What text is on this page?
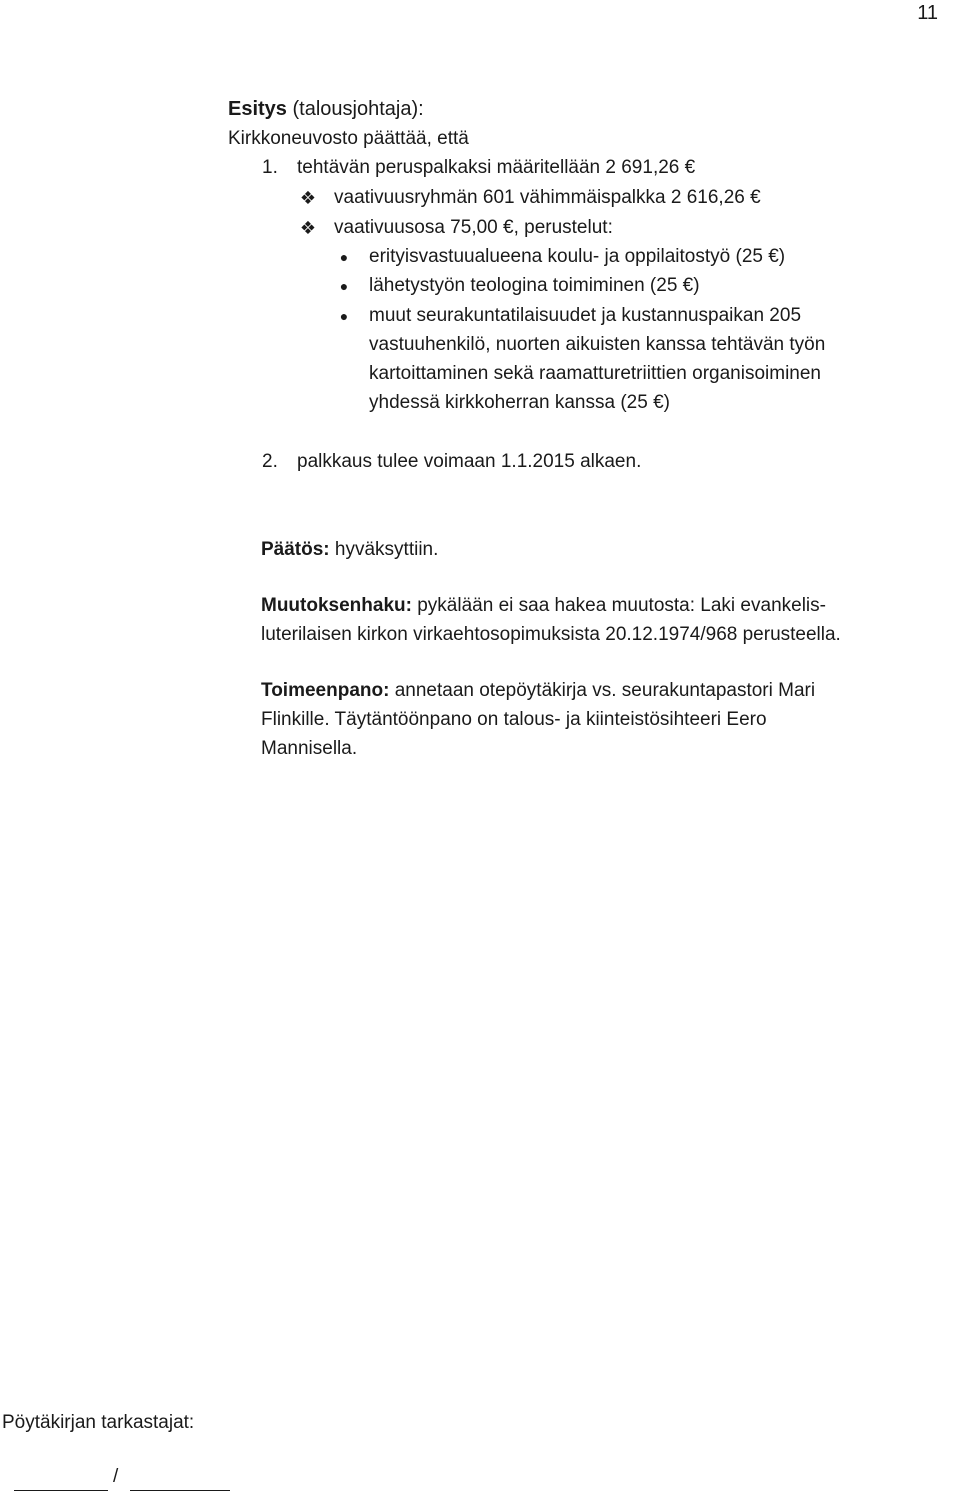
11
Esitys (talousjohtaja):
Kirkkoneuvosto päättää, että
1. tehtävän peruspalkaksi määritellään 2 691,26 €
❖ vaativuusryhmän 601 vähimmäispalkka 2 616,26 €
❖ vaativuusosa 75,00 €, perustelut:
●	erityisvastuualueena koulu- ja oppilaitostyö (25 €)
●	lähetystyön teologina toimiminen (25 €)
●	muut seurakuntatilaisuudet ja kustannuspaikan 205
vastuuhenkilö, nuorten aikuisten kanssa tehtävän työn
kartoittaminen sekä raamatturetriittien organisoiminen
yhdessä kirkkoherran kanssa (25 €)
2. palkkaus tulee voimaan 1.1.2015 alkaen.
Päätös: hyväksyttiin.
Muutoksenhaku: pykälään ei saa hakea muutosta: Laki evankelis-
luterilaisen kirkon virkaehtosopimuksista 20.12.1974/968 perusteella.
Toimeenpano: annetaan otepöytäkirja vs. seurakuntapastori Mari
Flinkille. Täytäntöönpano on talous- ja kiinteistösihteeri Eero
Mannisella.
Pöytäkirjan tarkastajat:
/
